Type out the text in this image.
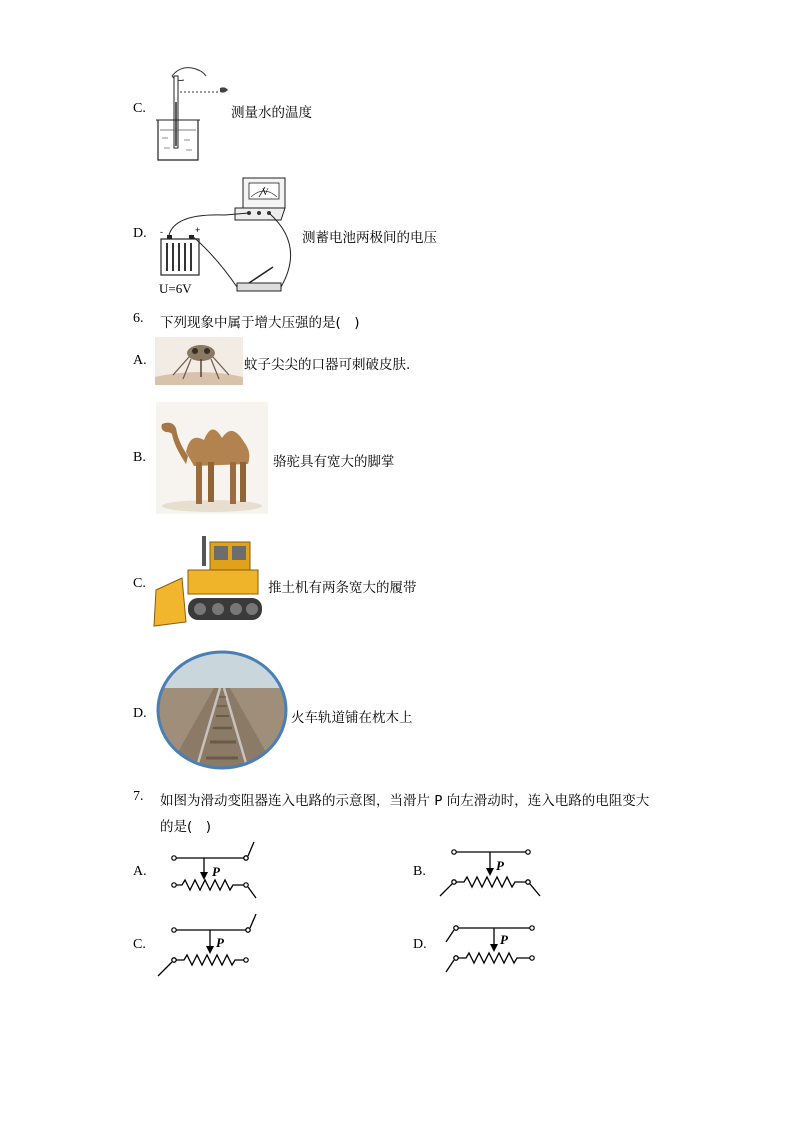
C.	测量水的温度
D.
V
-	+
U=6V
测蓄电池两极间的电压
6. 下列现象中属于增大压强的是(　)
A.	蚊子尖尖的口器可刺破皮肤.
B.	骆驼具有宽大的脚掌
C.	推土机有两条宽大的履带
D.	火车轨道铺在枕木上
7. 如图为滑动变阻器连入电路的示意图，当滑片 P 向左滑动时，连入电路的电阻变大
的是(　)
A.	P	B.	P
C.	P	D.	P
